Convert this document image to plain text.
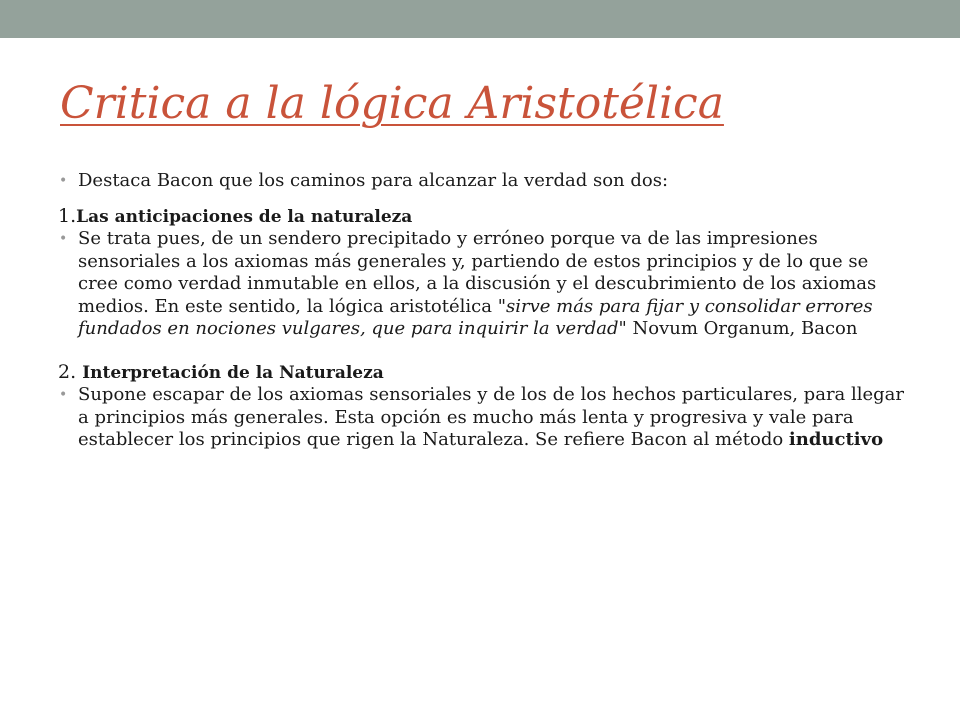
Critica a la lógica Aristotélica

• Destaca Bacon que los caminos para alcanzar la verdad son dos:

1.Las anticipaciones de la naturaleza

• Se trata pues, de un sendero precipitado y erróneo porque va de las impresiones sensoriales a los axiomas más generales y, partiendo de estos principios y de lo que se cree como verdad inmutable en ellos, a la discusión y el descubrimiento de los axiomas medios. En este sentido, la lógica aristotélica "sirve más para fijar y consolidar errores fundados en nociones vulgares, que para inquirir la verdad" Novum Organum, Bacon

2. Interpretación de la Naturaleza

• Supone escapar de los axiomas sensoriales y de los de los hechos particulares, para llegar a principios más generales. Esta opción es mucho más lenta y progresiva y vale para establecer los principios que rigen la Naturaleza. Se refiere Bacon al método inductivo
